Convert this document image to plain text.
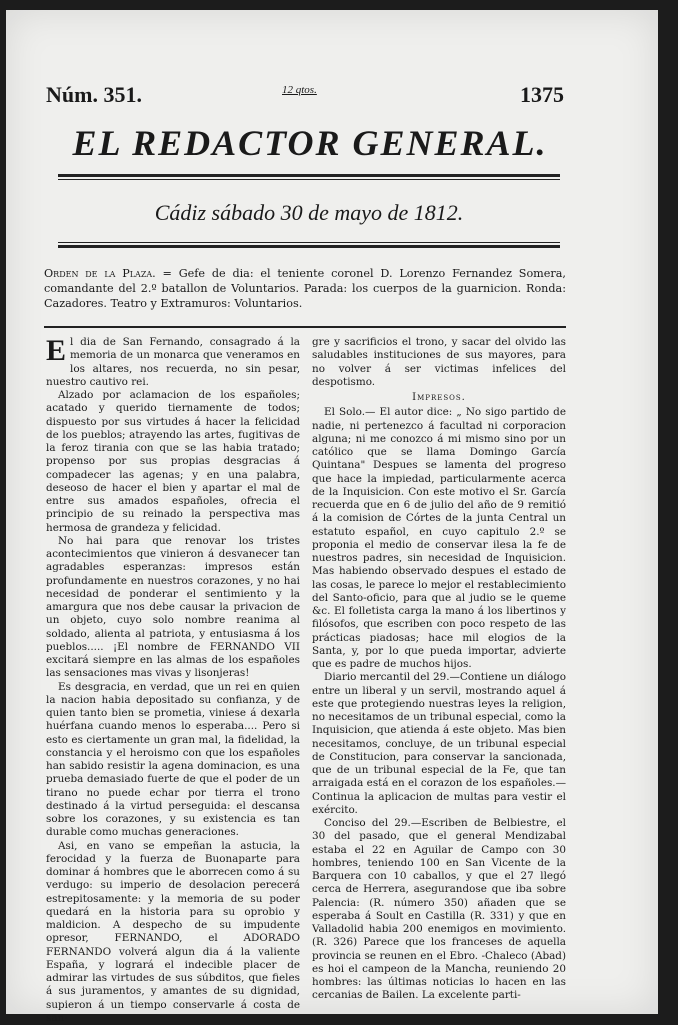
Núm. 351.	12 qtos.	1375
EL REDACTOR GENERAL.
Cádiz sábado 30 de mayo de 1812.
Orden de la Plaza. = Gefe de dia: el teniente coronel D. Lorenzo Fernandez Somera, comandante del 2.º batallon de Voluntarios. Parada: los cuerpos de la guarnicion. Ronda: Cazadores. Teatro y Extramuros: Voluntarios.

El dia de San Fernando, consagrado á la memoria de un monarca que veneramos en los altares, nos recuerda, no sin pesar, nuestro cautivo rei.

Alzado por aclamacion de los españoles; acatado y querido tiernamente de todos; dispuesto por sus virtudes á hacer la felicidad de los pueblos; atrayendo las artes, fugitivas de la feroz tirania con que se las habia tratado; propenso por sus propias desgracias á compadecer las agenas; y en una palabra, deseoso de hacer el bien y apartar el mal de entre sus amados españoles, ofrecia el principio de su reinado la perspectiva mas hermosa de grandeza y felicidad.

No hai para que renovar los tristes acontecimientos que vinieron á desvanecer tan agradables esperanzas: impresos están profundamente en nuestros corazones, y no hai necesidad de ponderar el sentimiento y la amargura que nos debe causar la privacion de un objeto, cuyo solo nombre reanima al soldado, alienta al patriota, y entusiasma á los pueblos..... ¡El nombre de FERNANDO VII excitará siempre en las almas de los españoles las sensaciones mas vivas y lisonjeras!

Es desgracia, en verdad, que un rei en quien la nacion habia depositado su confianza, y de quien tanto bien se prometia, viniese á dexarla huérfana cuando menos lo esperaba.... Pero si esto es ciertamente un gran mal, la fidelidad, la constancia y el heroismo con que los españoles han sabido resistir la agena dominacion, es una prueba demasiado fuerte de que el poder de un tirano no puede echar por tierra el trono destinado á la virtud perseguida: el descansa sobre los corazones, y su existencia es tan durable como muchas generaciones.

Asi, en vano se empeñan la astucia, la ferocidad y la fuerza de Buonaparte para dominar á hombres que le aborrecen como á su verdugo: su imperio de desolacion perecerá estrepitosamente: y la memoria de su poder quedará en la historia para su oprobio y maldicion. A despecho de su impudente opresor, FERNANDO, el ADORADO FERNANDO volverá algun dia á la valiente España, y logrará el indecible placer de admirar las virtudes de sus súbditos, que fieles á sus juramentos, y amantes de su dignidad, supieron á un tiempo conservarle á costa de san-

gre y sacrificios el trono, y sacar del olvido las saludables instituciones de sus mayores, para no volver á ser victimas infelices del despotismo.

Impresos.

El Solo.— El autor dice: „ No sigo partido de nadie, ni pertenezco á facultad ni corporacion alguna; ni me conozco á mi mismo sino por un católico que se llama Domingo García Quintana" Despues se lamenta del progreso que hace la impiedad, particularmente acerca de la Inquisicion. Con este motivo el Sr. García recuerda que en 6 de julio del año de 9 remitió á la comision de Córtes de la junta Central un estatuto español, en cuyo capitulo 2.º se proponia el medio de conservar ilesa la fe de nuestros padres, sin necesidad de Inquisicion. Mas habiendo observado despues el estado de las cosas, le parece lo mejor el restablecimiento del Santo-oficio, para que al judio se le queme &c. El folletista carga la mano á los libertinos y filósofos, que escriben con poco respeto de las prácticas piadosas; hace mil elogios de la Santa, y, por lo que pueda importar, advierte que es padre de muchos hijos.

Diario mercantil del 29.—Contiene un diálogo entre un liberal y un servil, mostrando aquel á este que protegiendo nuestras leyes la religion, no necesitamos de un tribunal especial, como la Inquisicion, que atienda á este objeto. Mas bien necesitamos, concluye, de un tribunal especial de Constitucion, para conservar la sancionada, que de un tribunal especial de la Fe, que tan arraigada está en el corazon de los españoles.—Continua la aplicacion de multas para vestir el exército.

Conciso del 29.—Escriben de Belbiestre, el 30 del pasado, que el general Mendizabal estaba el 22 en Aguilar de Campo con 30 hombres, teniendo 100 en San Vicente de la Barquera con 10 caballos, y que el 27 llegó cerca de Herrera, asegurandose que iba sobre Palencia: (R. número 350) añaden que se esperaba á Soult en Castilla (R. 331) y que en Valladolid habia 200 enemigos en movimiento. (R. 326) Parece que los franceses de aquella provincia se reunen en el Ebro. -Chaleco (Abad) es hoi el campeon de la Mancha, reuniendo 20 hombres: las últimas noticias lo hacen en las cercanias de Bailen. La excelente parti-
